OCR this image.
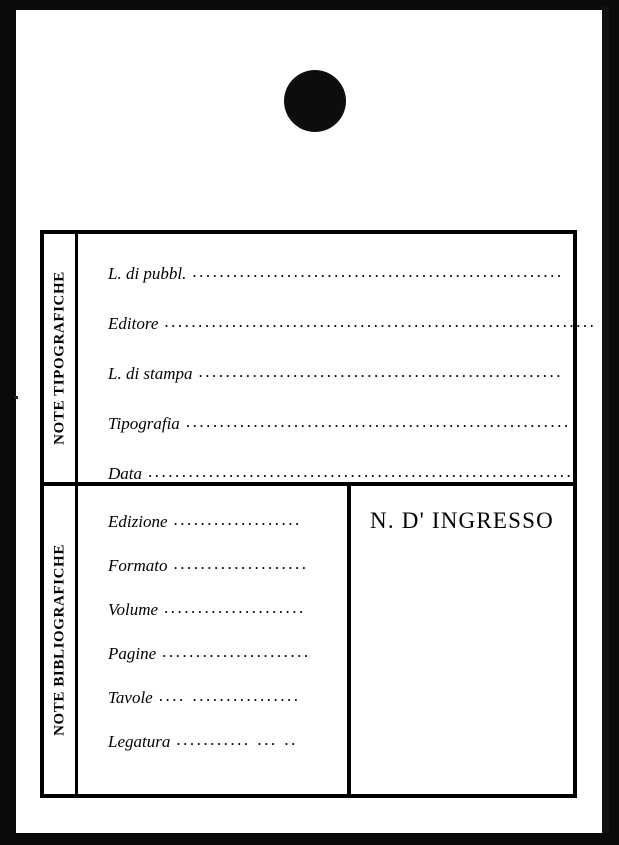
NOTE TIPOGRAFICHE L. di pubbl. .......................................................
Editore ................................................................
L. di stampa ......................................................
Tipografia .........................................................
Data ...............................................................
NOTE BIBLIOGRAFICHE
Edizione ...................
Formato ....................
Volume .....................
Pagine ......................
Tavole .... ................
Legatura ........... ... ..
N. D' INGRESSO
